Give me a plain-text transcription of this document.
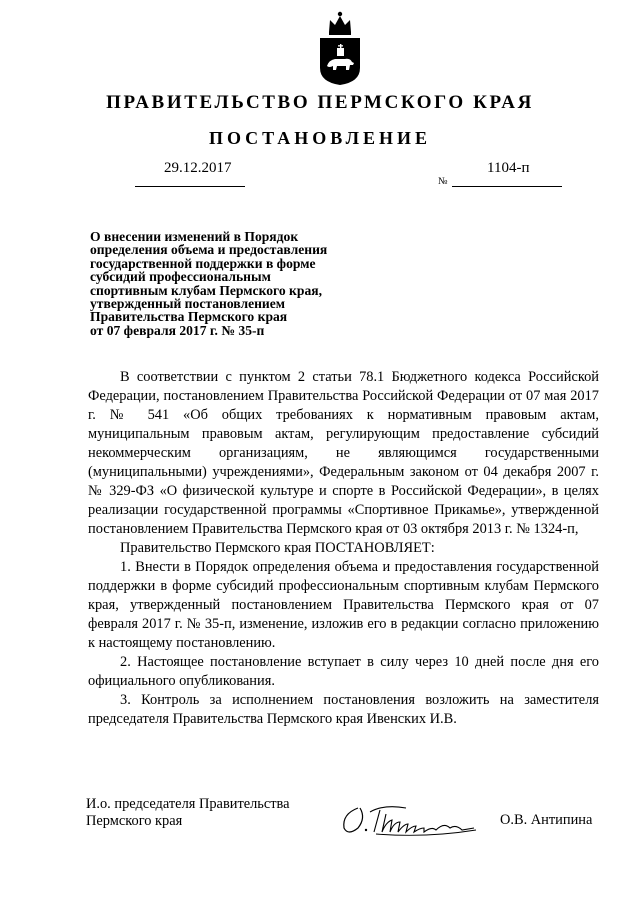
ПРАВИТЕЛЬСТВО ПЕРМСКОГО КРАЯ
ПОСТАНОВЛЕНИЕ
29.12.2017
№
1104-п
О внесении изменений в Порядок
определения объема и предоставления
государственной поддержки в форме
субсидий профессиональным
спортивным клубам Пермского края,
утвержденный постановлением
Правительства Пермского края
от 07 февраля 2017 г. № 35-п

В соответствии с пунктом 2 статьи 78.1 Бюджетного кодекса Российской Федерации, постановлением Правительства Российской Федерации от 07 мая 2017 г. № 541 «Об общих требованиях к нормативным правовым актам, муниципальным правовым актам, регулирующим предоставление субсидий некоммерческим организациям, не являющимся государственными (муниципальными) учреждениями», Федеральным законом от 04 декабря 2007 г. № 329-ФЗ «О физической культуре и спорте в Российской Федерации», в целях реализации государственной программы «Спортивное Прикамье», утвержденной постановлением Правительства Пермского края от 03 октября 2013 г. № 1324-п,

Правительство Пермского края ПОСТАНОВЛЯЕТ:

1. Внести в Порядок определения объема и предоставления государственной поддержки в форме субсидий профессиональным спортивным клубам Пермского края, утвержденный постановлением Правительства Пермского края от 07 февраля 2017 г. № 35-п, изменение, изложив его в редакции согласно приложению к настоящему постановлению.

2. Настоящее постановление вступает в силу через 10 дней после дня его официального опубликования.

3. Контроль за исполнением постановления возложить на заместителя председателя Правительства Пермского края Ивенских И.В.

И.о. председателя Правительства
Пермского края	О.В. Антипина
